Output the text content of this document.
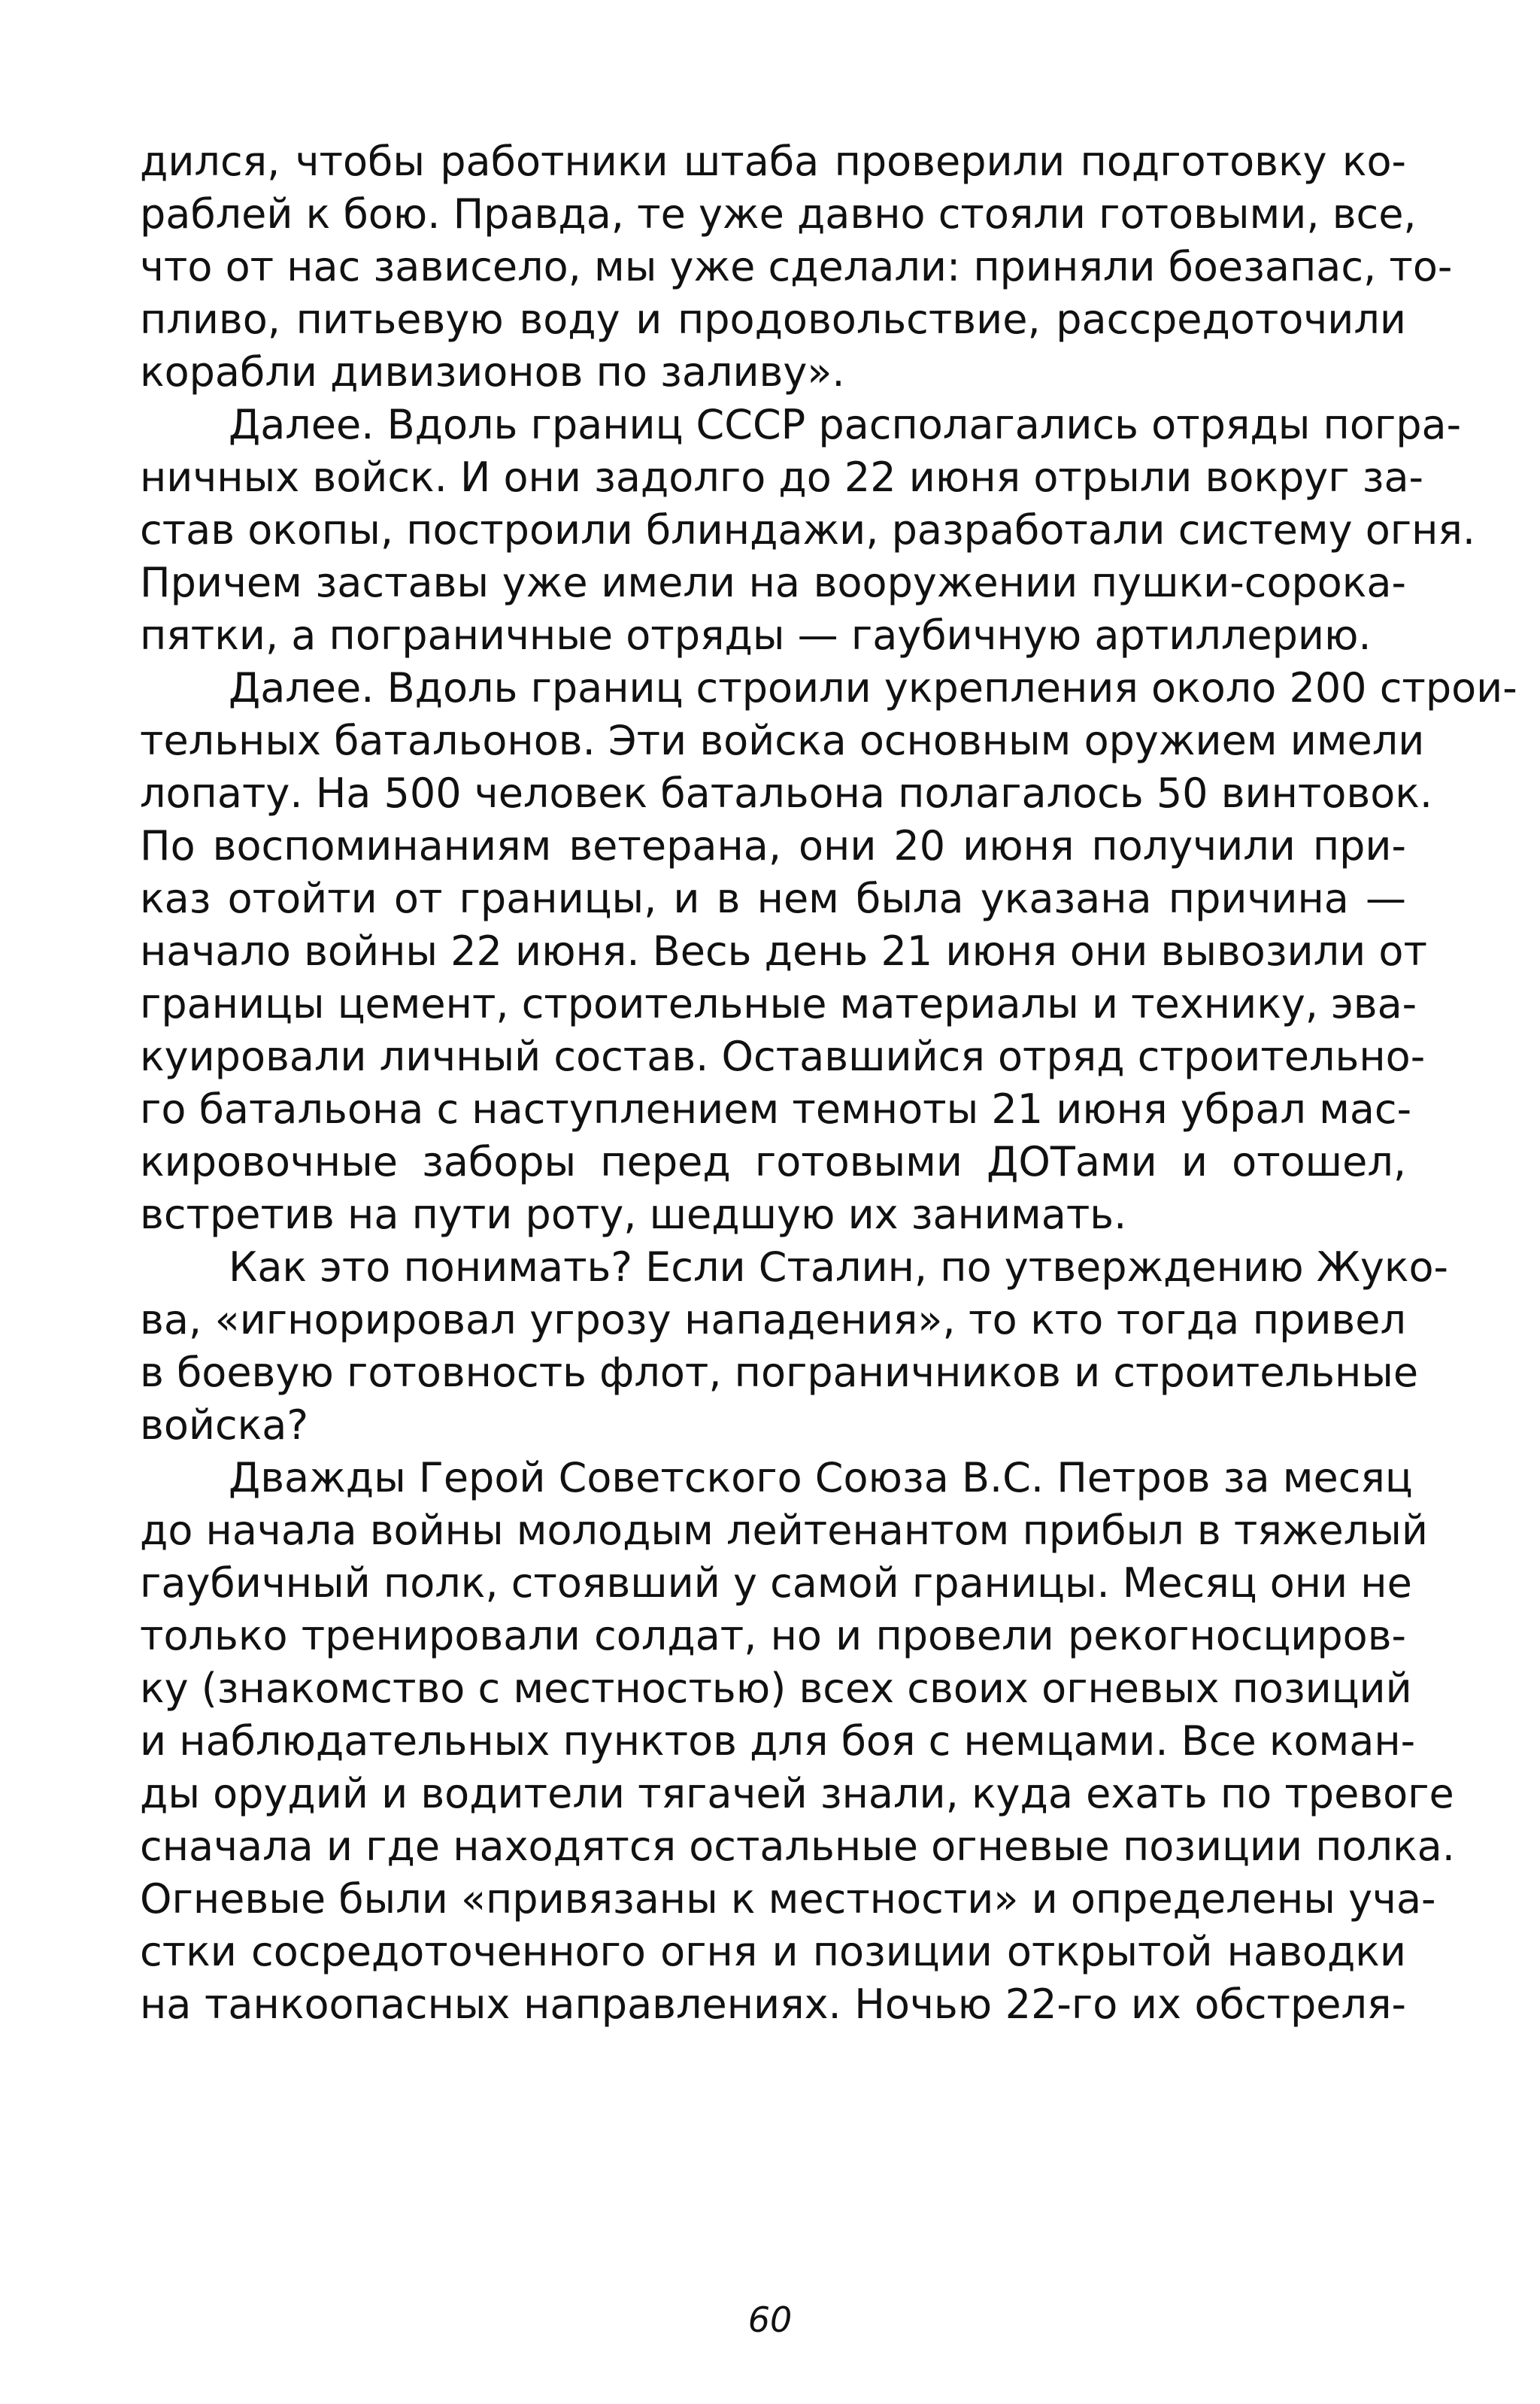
дился, чтобы работники штаба проверили подготовку ко-
раблей к бою. Правда, те уже давно стояли готовыми, все,
что от нас зависело, мы уже сделали: приняли боезапас, то-
пливо, питьевую воду и продовольствие, рассредоточили
корабли дивизионов по заливу».
Далее. Вдоль границ СССР располагались отряды погра-
ничных войск. И они задолго до 22 июня отрыли вокруг за-
став окопы, построили блиндажи, разработали систему огня.
Причем заставы уже имели на вооружении пушки-сорока-
пятки, а пограничные отряды — гаубичную артиллерию.
Далее. Вдоль границ строили укрепления около 200 строи-
тельных батальонов. Эти войска основным оружием имели
лопату. На 500 человек батальона полагалось 50 винтовок.
По воспоминаниям ветерана, они 20 июня получили при-
каз отойти от границы, и в нем была указана причина —
начало войны 22 июня. Весь день 21 июня они вывозили от
границы цемент, строительные материалы и технику, эва-
куировали личный состав. Оставшийся отряд строительно-
го батальона с наступлением темноты 21 июня убрал мас-
кировочные заборы перед готовыми ДОТами и отошел,
встретив на пути роту, шедшую их занимать.
Как это понимать? Если Сталин, по утверждению Жуко-
ва, «игнорировал угрозу нападения», то кто тогда привел
в боевую готовность флот, пограничников и строительные
войска?
Дважды Герой Советского Союза В.С. Петров за месяц
до начала войны молодым лейтенантом прибыл в тяжелый
гаубичный полк, стоявший у самой границы. Месяц они не
только тренировали солдат, но и провели рекогносциров-
ку (знакомство с местностью) всех своих огневых позиций
и наблюдательных пунктов для боя с немцами. Все коман-
ды орудий и водители тягачей знали, куда ехать по тревоге
сначала и где находятся остальные огневые позиции полка.
Огневые были «привязаны к местности» и определены уча-
стки сосредоточенного огня и позиции открытой наводки
на танкоопасных направлениях. Ночью 22-го их обстреля-
60
